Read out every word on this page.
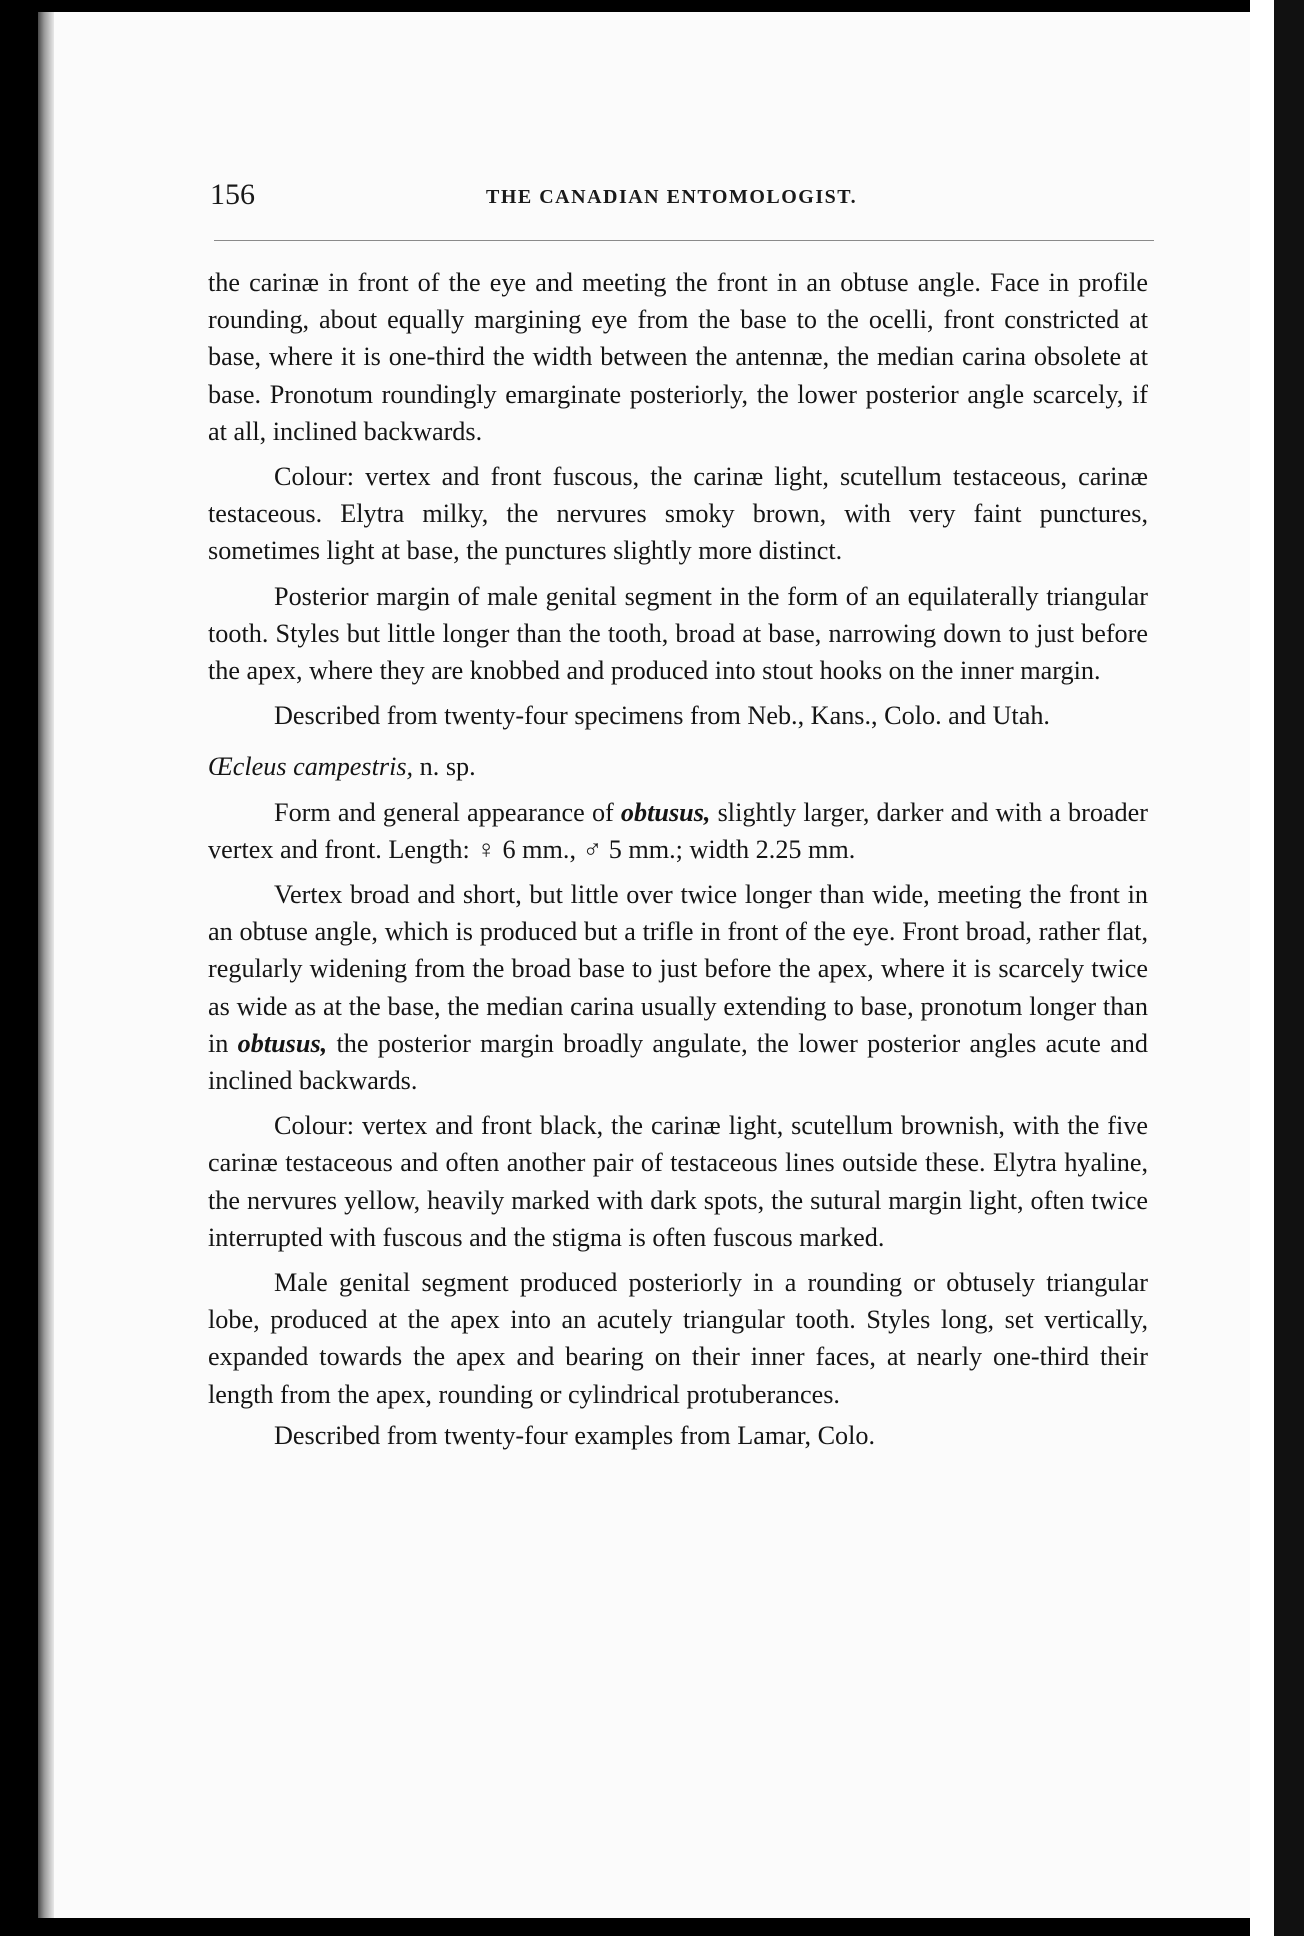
156	THE CANADIAN ENTOMOLOGIST.

the carinæ in front of the eye and meeting the front in an obtuse angle. Face in profile rounding, about equally margining eye from the base to the ocelli, front constricted at base, where it is one-third the width between the antennæ, the median carina obsolete at base. Pronotum roundingly emarginate posteriorly, the lower posterior angle scarcely, if at all, inclined backwards.

Colour: vertex and front fuscous, the carinæ light, scutellum testaceous, carinæ testaceous. Elytra milky, the nervures smoky brown, with very faint punctures, sometimes light at base, the punctures slightly more distinct.

Posterior margin of male genital segment in the form of an equilaterally triangular tooth. Styles but little longer than the tooth, broad at base, narrowing down to just before the apex, where they are knobbed and produced into stout hooks on the inner margin.

Described from twenty-four specimens from Neb., Kans., Colo. and Utah.

Œcleus campestris, n. sp.

Form and general appearance of obtusus, slightly larger, darker and with a broader vertex and front. Length: ♀ 6 mm., ♂ 5 mm.; width 2.25 mm.

Vertex broad and short, but little over twice longer than wide, meeting the front in an obtuse angle, which is produced but a trifle in front of the eye. Front broad, rather flat, regularly widening from the broad base to just before the apex, where it is scarcely twice as wide as at the base, the median carina usually extending to base, pronotum longer than in obtusus, the posterior margin broadly angulate, the lower posterior angles acute and inclined backwards.

Colour: vertex and front black, the carinæ light, scutellum brownish, with the five carinæ testaceous and often another pair of testaceous lines outside these. Elytra hyaline, the nervures yellow, heavily marked with dark spots, the sutural margin light, often twice interrupted with fuscous and the stigma is often fuscous marked.

Male genital segment produced posteriorly in a rounding or obtusely triangular lobe, produced at the apex into an acutely triangular tooth. Styles long, set vertically, expanded towards the apex and bearing on their inner faces, at nearly one-third their length from the apex, rounding or cylindrical protuberances.

Described from twenty-four examples from Lamar, Colo.
